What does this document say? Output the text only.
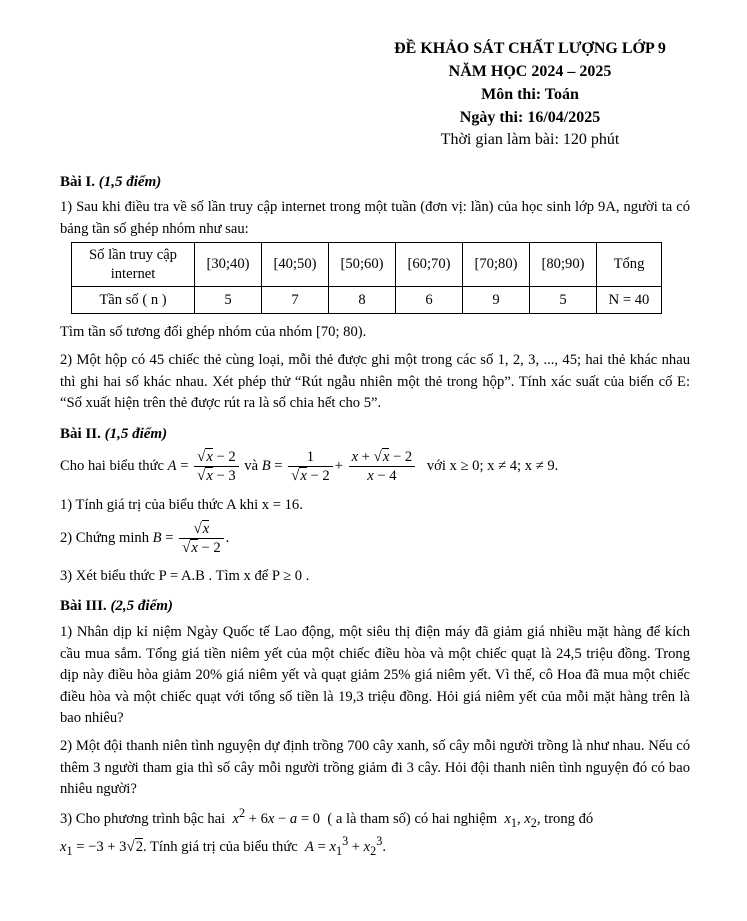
ĐỀ KHẢO SÁT CHẤT LƯỢNG LỚP 9
NĂM HỌC 2024 – 2025
Môn thi: Toán
Ngày thi: 16/04/2025
Thời gian làm bài: 120 phút
Bài I. (1,5 điểm)
1) Sau khi điều tra về số lần truy cập internet trong một tuần (đơn vị: lần) của học sinh lớp 9A, người ta có bảng tần số ghép nhóm như sau:
Số lần truy cập
internet	[30;40)	[40;50)	[50;60)	[60;70)	[70;80)	[80;90)	Tổng
Tần số ( n )	5	7	8	6	9	5	N = 40
Tìm tần số tương đối ghép nhóm của nhóm [70; 80).
2) Một hộp có 45 chiếc thẻ cùng loại, mỗi thẻ được ghi một trong các số 1, 2, 3, ..., 45; hai thẻ khác nhau thì ghi hai số khác nhau. Xét phép thử “Rút ngẫu nhiên một thẻ trong hộp”. Tính xác suất của biến cố E: “Số xuất hiện trên thẻ được rút ra là số chia hết cho 5”.
Bài II. (1,5 điểm)
Cho hai biểu thức $A = \frac{√x - 2}{√x - 3}$ và $B = \frac{1}{√x - 2} + \frac{x + √x - 2}{x - 4}$ với x ≥ 0; x ≠ 4; x ≠ 9.
1) Tính giá trị của biểu thức A khi x = 16.
2) Chứng minh $B = \frac{√x}{√x - 2}$ .
3) Xét biểu thức P = A.B . Tìm x để P ≥ 0 .
Bài III. (2,5 điểm)
1) Nhân dịp kỉ niệm Ngày Quốc tế Lao động, một siêu thị điện máy đã giảm giá nhiều mặt hàng để kích cầu mua sắm. Tổng giá tiền niêm yết của một chiếc điều hòa và một chiếc quạt là 24,5 triệu đồng. Trong dịp này điều hòa giảm 20% giá niêm yết và quạt giảm 25% giá niêm yết. Vì thế, cô Hoa đã mua một chiếc điều hòa và một chiếc quạt với tổng số tiền là 19,3 triệu đồng. Hỏi giá niêm yết của mỗi mặt hàng trên là bao nhiêu?
2) Một đội thanh niên tình nguyện dự định trồng 700 cây xanh, số cây mỗi người trồng là như nhau. Nếu có thêm 3 người tham gia thì số cây mỗi người trồng giảm đi 3 cây. Hỏi đội thanh niên tình nguyện đó có bao nhiêu người?
3) Cho phương trình bậc hai $x^2 + 6x - a = 0$  ( a là tham số) có hai nghiệm $x_1$, $x_2$, trong đó
$x_1 = -3 + 3√2$. Tính giá trị của biểu thức $A = x_1^3 + x_2^3$.
